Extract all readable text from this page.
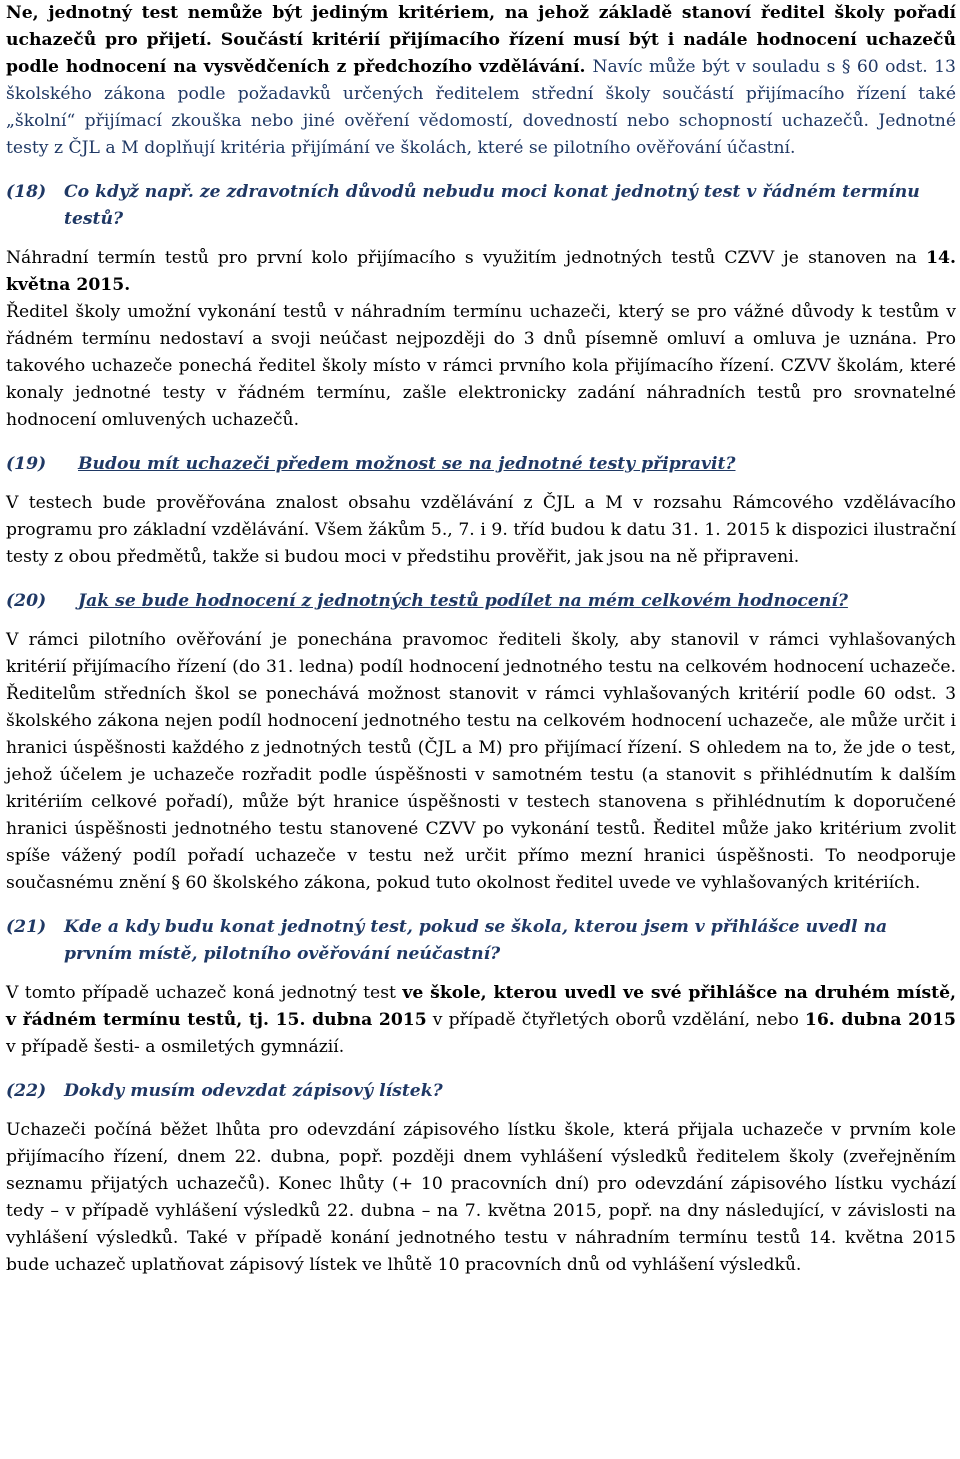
Ne, jednotný test nemůže být jediným kritériem, na jehož základě stanoví ředitel školy pořadí uchazečů pro přijetí. Součástí kritérií přijímacího řízení musí být i nadále hodnocení uchazečů podle hodnocení na vysvědčeních z předchozího vzdělávání. Navíc může být v souladu s § 60 odst. 13 školského zákona podle požadavků určených ředitelem střední školy součástí přijímacího řízení také „školní“ přijímací zkouška nebo jiné ověření vědomostí, dovedností nebo schopností uchazečů. Jednotné testy z ČJL a M doplňují kritéria přijímání ve školách, které se pilotního ověřování účastní.

(18)	Co když např. ze zdravotních důvodů nebudu moci konat jednotný test v řádném termínu testů?

Náhradní termín testů pro první kolo přijímacího s využitím jednotných testů CZVV je stanoven na 14. května 2015.

Ředitel školy umožní vykonání testů v náhradním termínu uchazeči, který se pro vážné důvody k testům v řádném termínu nedostaví a svoji neúčast nejpozději do 3 dnů písemně omluví a omluva je uznána. Pro takového uchazeče ponechá ředitel školy místo v rámci prvního kola přijímacího řízení. CZVV školám, které konaly jednotné testy v řádném termínu, zašle elektronicky zadání náhradních testů pro srovnatelné hodnocení omluvených uchazečů.

(19)	Budou mít uchazeči předem možnost se na jednotné testy připravit?

V testech bude prověřována znalost obsahu vzdělávání z ČJL a M v rozsahu Rámcového vzdělávacího programu pro základní vzdělávání. Všem žákům 5., 7. i 9. tříd budou k datu 31. 1. 2015 k dispozici ilustrační testy z obou předmětů, takže si budou moci v předstihu prověřit, jak jsou na ně připraveni.

(20)	Jak se bude hodnocení z jednotných testů podílet na mém celkovém hodnocení?

V rámci pilotního ověřování je ponechána pravomoc řediteli školy, aby stanovil v rámci vyhlašovaných kritérií přijímacího řízení (do 31. ledna) podíl hodnocení jednotného testu na celkovém hodnocení uchazeče. Ředitelům středních škol se ponechává možnost stanovit v rámci vyhlašovaných kritérií podle 60 odst. 3 školského zákona nejen podíl hodnocení jednotného testu na celkovém hodnocení uchazeče, ale může určit i hranici úspěšnosti každého z jednotných testů (ČJL a M) pro přijímací řízení. S ohledem na to, že jde o test, jehož účelem je uchazeče rozřadit podle úspěšnosti v samotném testu (a stanovit s přihlédnutím k dalším kritériím celkové pořadí), může být hranice úspěšnosti v testech stanovena s přihlédnutím k doporučené hranici úspěšnosti jednotného testu stanovené CZVV po vykonání testů. Ředitel může jako kritérium zvolit spíše vážený podíl pořadí uchazeče v testu než určit přímo mezní hranici úspěšnosti. To neodporuje současnému znění § 60 školského zákona, pokud tuto okolnost ředitel uvede ve vyhlašovaných kritériích.

(21)	Kde a kdy budu konat jednotný test, pokud se škola, kterou jsem v přihlášce uvedl na prvním místě, pilotního ověřování neúčastní?

V tomto případě uchazeč koná jednotný test ve škole, kterou uvedl ve své přihlášce na druhém místě, v řádném termínu testů, tj. 15. dubna 2015 v případě čtyřletých oborů vzdělání, nebo 16. dubna 2015 v případě šesti- a osmiletých gymnázií.

(22)	Dokdy musím odevzdat zápisový lístek?

Uchazeči počíná běžet lhůta pro odevzdání zápisového lístku škole, která přijala uchazeče v prvním kole přijímacího řízení, dnem 22. dubna, popř. později dnem vyhlášení výsledků ředitelem školy (zveřejněním seznamu přijatých uchazečů). Konec lhůty (+ 10 pracovních dní) pro odevzdání zápisového lístku vychází tedy – v případě vyhlášení výsledků 22. dubna – na 7. května 2015, popř. na dny následující, v závislosti na vyhlášení výsledků. Také v případě konání jednotného testu v náhradním termínu testů 14. května 2015 bude uchazeč uplatňovat zápisový lístek ve lhůtě 10 pracovních dnů od vyhlášení výsledků.
